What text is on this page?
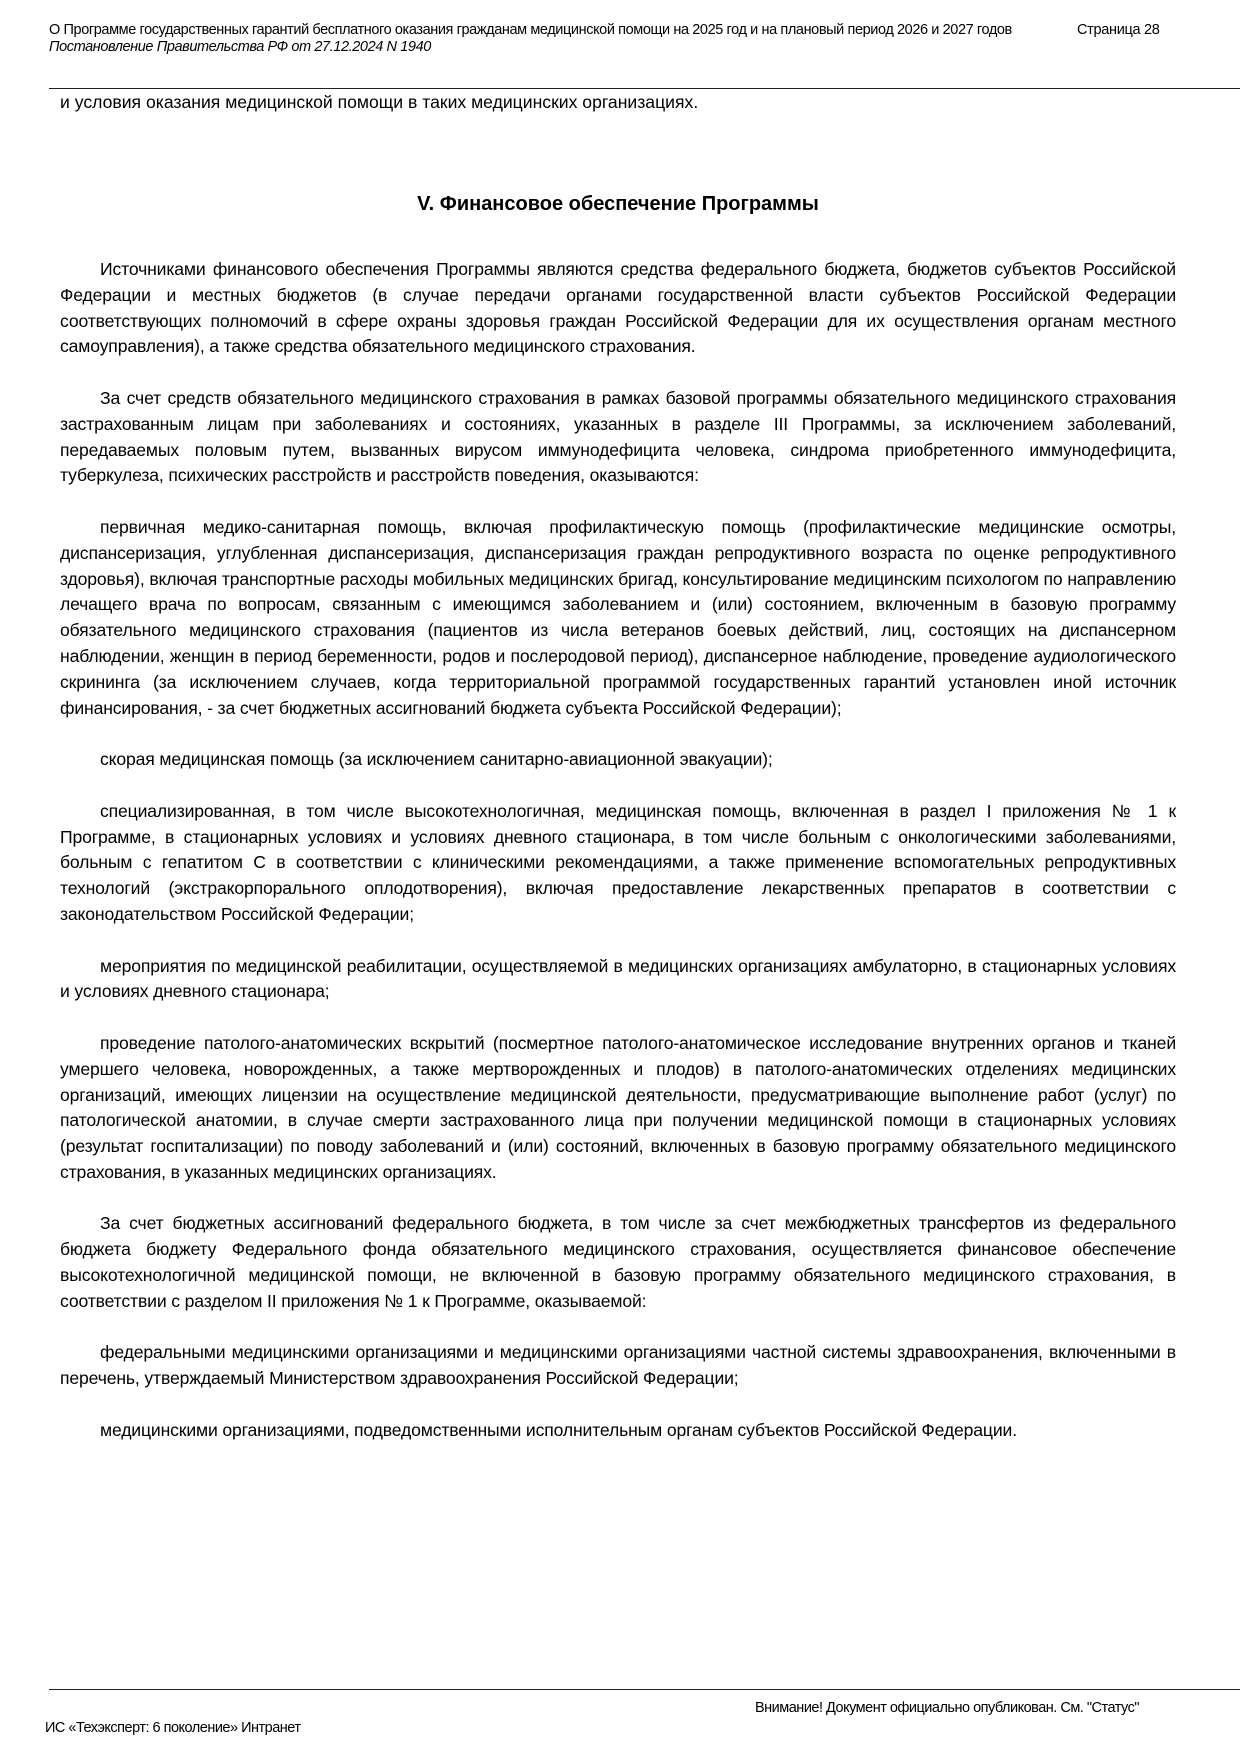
О Программе государственных гарантий бесплатного оказания гражданам медицинской помощи на 2025 год и на плановый период 2026 и 2027 годов
Постановление Правительства РФ от 27.12.2024 N 1940
Страница 28

и условия оказания медицинской помощи в таких медицинских организациях.

V. Финансовое обеспечение Программы

Источниками финансового обеспечения Программы являются средства федерального бюджета, бюджетов субъектов Российской Федерации и местных бюджетов (в случае передачи органами государственной власти субъектов Российской Федерации соответствующих полномочий в сфере охраны здоровья граждан Российской Федерации для их осуществления органам местного самоуправления), а также средства обязательного медицинского страхования.

За счет средств обязательного медицинского страхования в рамках базовой программы обязательного медицинского страхования застрахованным лицам при заболеваниях и состояниях, указанных в разделе III Программы, за исключением заболеваний, передаваемых половым путем, вызванных вирусом иммунодефицита человека, синдрома приобретенного иммунодефицита, туберкулеза, психических расстройств и расстройств поведения, оказываются:

первичная медико-санитарная помощь, включая профилактическую помощь (профилактические медицинские осмотры, диспансеризация, углубленная диспансеризация, диспансеризация граждан репродуктивного возраста по оценке репродуктивного здоровья), включая транспортные расходы мобильных медицинских бригад, консультирование медицинским психологом по направлению лечащего врача по вопросам, связанным с имеющимся заболеванием и (или) состоянием, включенным в базовую программу обязательного медицинского страхования (пациентов из числа ветеранов боевых действий, лиц, состоящих на диспансерном наблюдении, женщин в период беременности, родов и послеродовой период), диспансерное наблюдение, проведение аудиологического скрининга (за исключением случаев, когда территориальной программой государственных гарантий установлен иной источник финансирования, - за счет бюджетных ассигнований бюджета субъекта Российской Федерации);

скорая медицинская помощь (за исключением санитарно-авиационной эвакуации);

специализированная, в том числе высокотехнологичная, медицинская помощь, включенная в раздел I приложения № 1 к Программе, в стационарных условиях и условиях дневного стационара, в том числе больным с онкологическими заболеваниями, больным с гепатитом С в соответствии с клиническими рекомендациями, а также применение вспомогательных репродуктивных технологий (экстракорпорального оплодотворения), включая предоставление лекарственных препаратов в соответствии с законодательством Российской Федерации;

мероприятия по медицинской реабилитации, осуществляемой в медицинских организациях амбулаторно, в стационарных условиях и условиях дневного стационара;

проведение патолого-анатомических вскрытий (посмертное патолого-анатомическое исследование внутренних органов и тканей умершего человека, новорожденных, а также мертворожденных и плодов) в патолого-анатомических отделениях медицинских организаций, имеющих лицензии на осуществление медицинской деятельности, предусматривающие выполнение работ (услуг) по патологической анатомии, в случае смерти застрахованного лица при получении медицинской помощи в стационарных условиях (результат госпитализации) по поводу заболеваний и (или) состояний, включенных в базовую программу обязательного медицинского страхования, в указанных медицинских организациях.

За счет бюджетных ассигнований федерального бюджета, в том числе за счет межбюджетных трансфертов из федерального бюджета бюджету Федерального фонда обязательного медицинского страхования, осуществляется финансовое обеспечение высокотехнологичной медицинской помощи, не включенной в базовую программу обязательного медицинского страхования, в соответствии с разделом II приложения № 1 к Программе, оказываемой:

федеральными медицинскими организациями и медицинскими организациями частной системы здравоохранения, включенными в перечень, утверждаемый Министерством здравоохранения Российской Федерации;

медицинскими организациями, подведомственными исполнительным органам субъектов Российской Федерации.

Внимание! Документ официально опубликован. См. "Статус"
ИС «Техэксперт: 6 поколение» Интранет
